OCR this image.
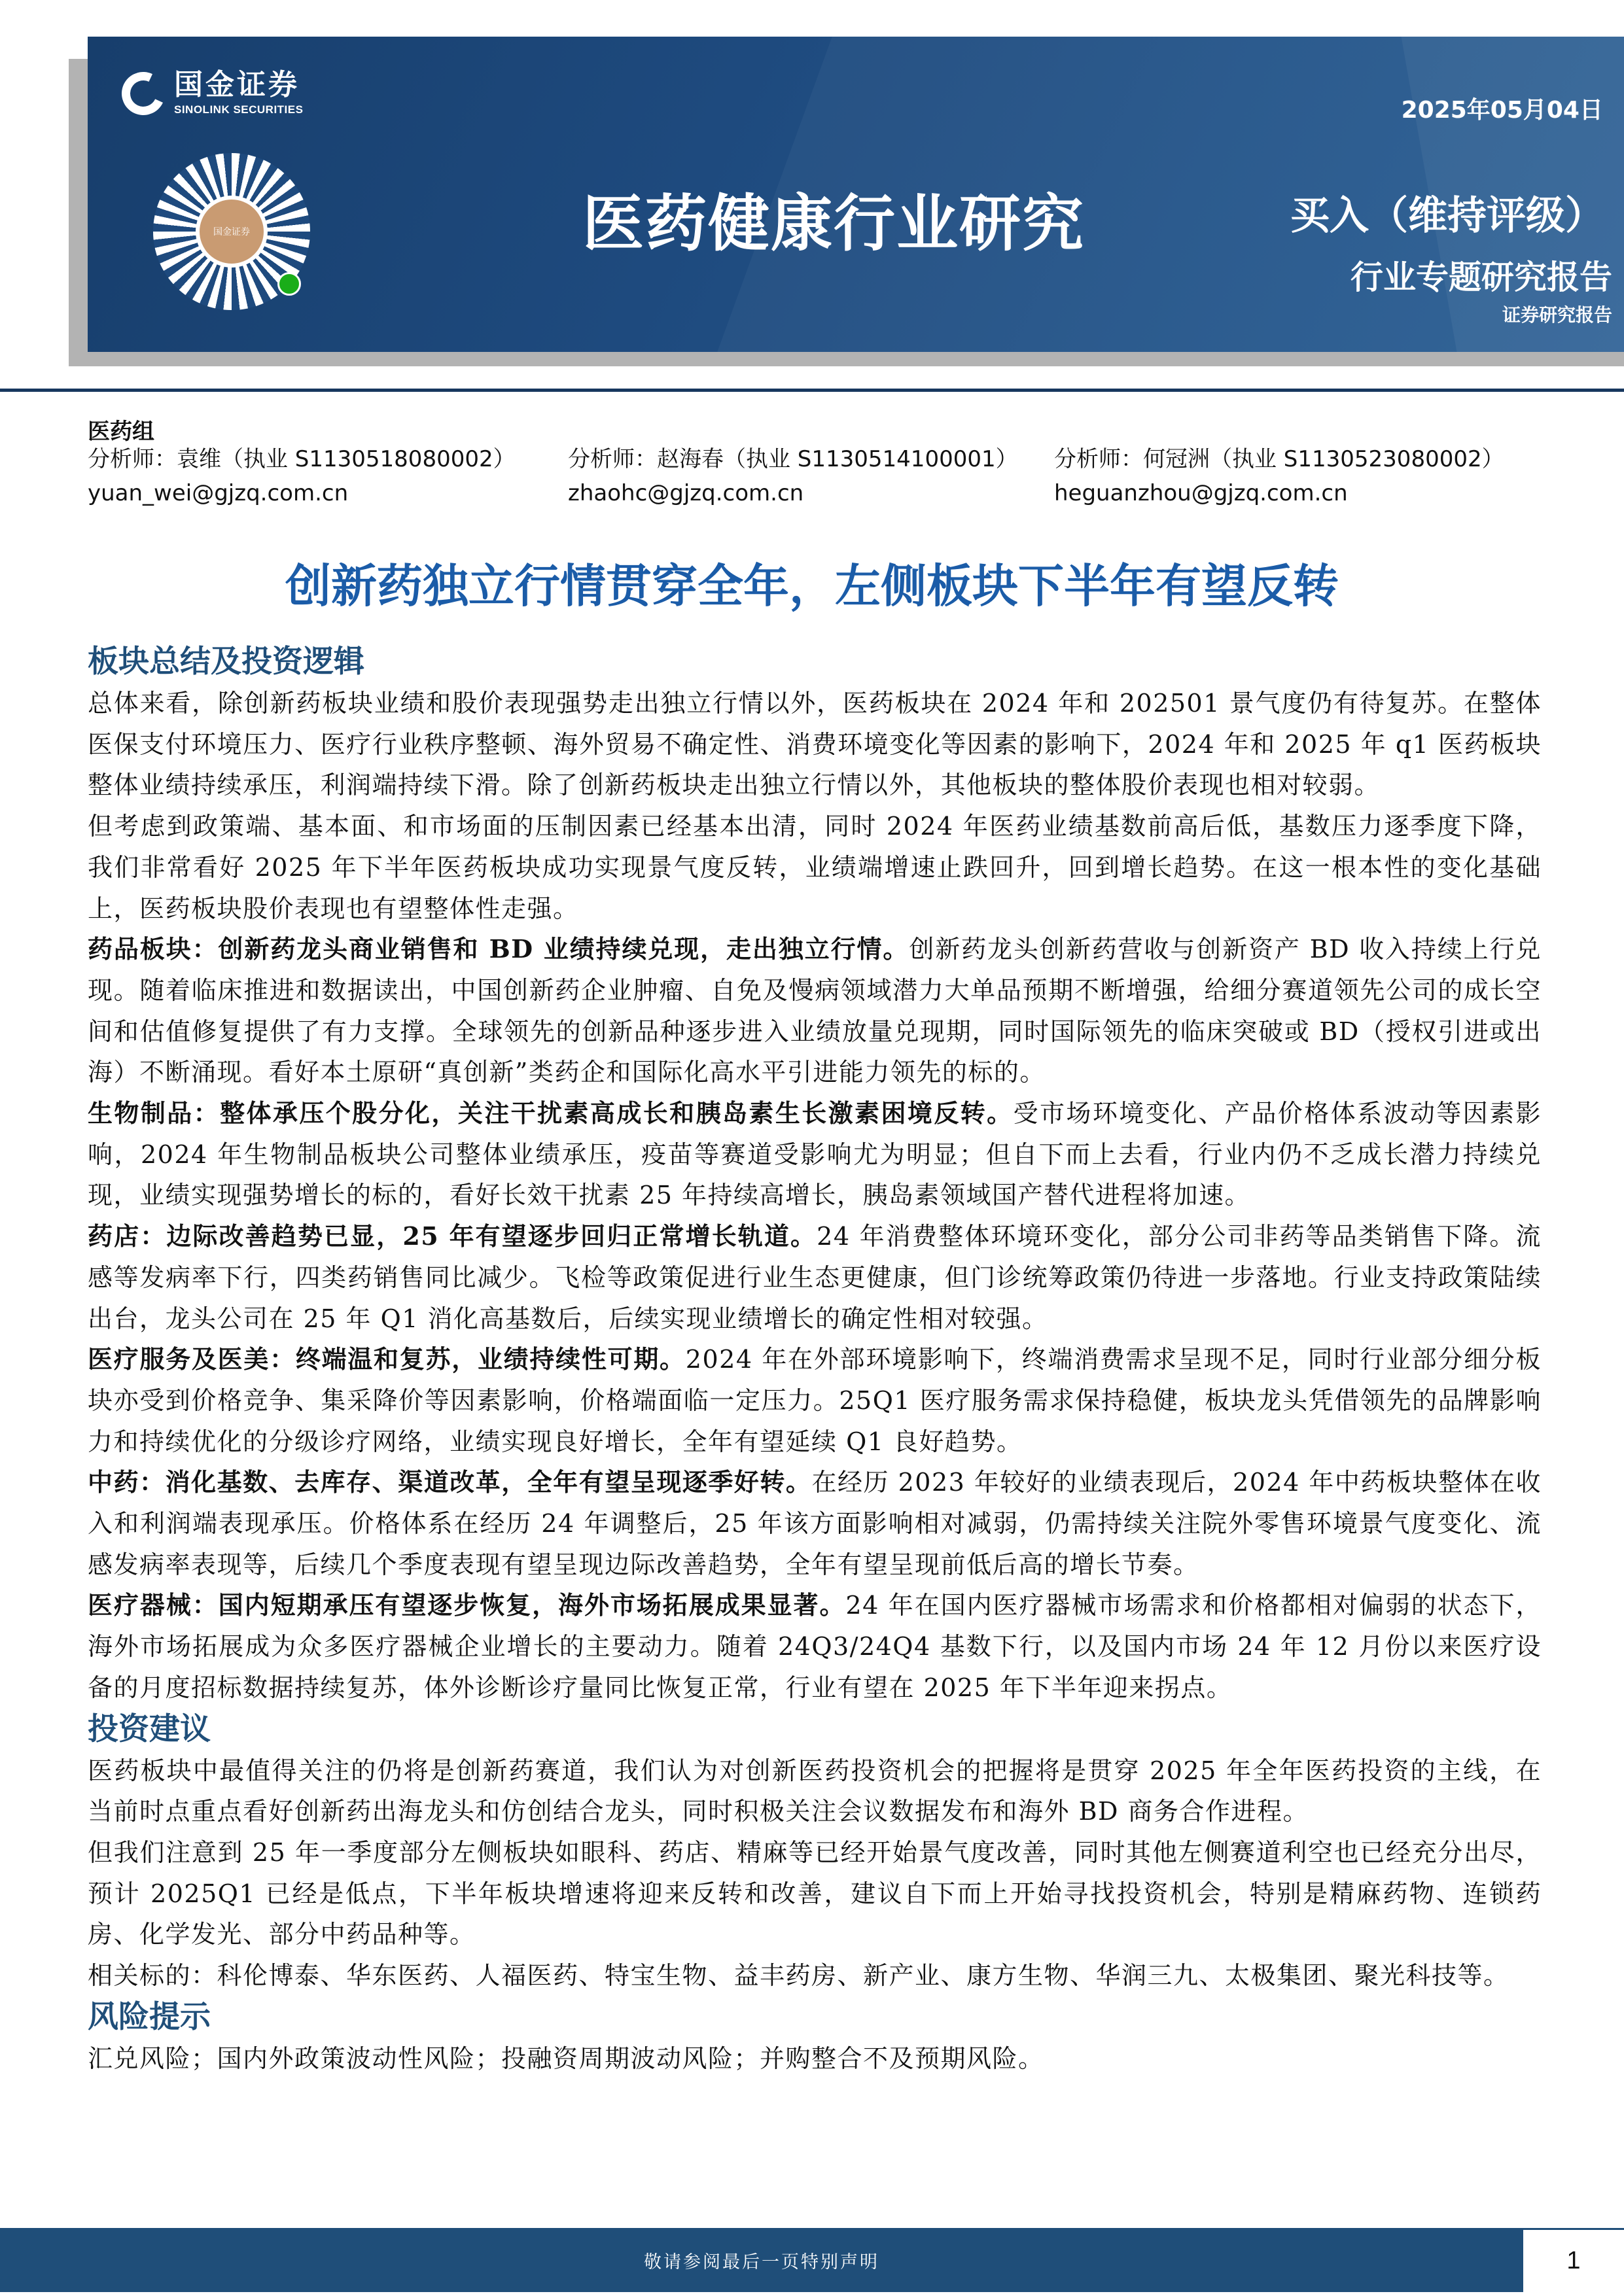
国金证券
SINOLINK SECURITIES
国金证券	医药健康行业研究
2025年05月04日
买入（维持评级）
行业专题研究报告
证券研究报告
医药组
分析师：袁维（执业 S1130518080002）
yuan_wei@gjzq.com.cn
分析师：赵海春（执业 S1130514100001）
zhaohc@gjzq.com.cn
分析师：何冠洲（执业 S1130523080002）
heguanzhou@gjzq.com.cn
创新药独立行情贯穿全年，左侧板块下半年有望反转
板块总结及投资逻辑

总体来看，除创新药板块业绩和股价表现强势走出独立行情以外，医药板块在 2024 年和 202501 景气度仍有待复苏。在整体医保支付环境压力、医疗行业秩序整顿、海外贸易不确定性、消费环境变化等因素的影响下，2024 年和 2025 年 q1 医药板块整体业绩持续承压，利润端持续下滑。除了创新药板块走出独立行情以外，其他板块的整体股价表现也相对较弱。

但考虑到政策端、基本面、和市场面的压制因素已经基本出清，同时 2024 年医药业绩基数前高后低，基数压力逐季度下降，我们非常看好 2025 年下半年医药板块成功实现景气度反转，业绩端增速止跌回升，回到增长趋势。在这一根本性的变化基础上，医药板块股价表现也有望整体性走强。

药品板块：创新药龙头商业销售和 BD 业绩持续兑现，走出独立行情。创新药龙头创新药营收与创新资产 BD 收入持续上行兑现。随着临床推进和数据读出，中国创新药企业肿瘤、自免及慢病领域潜力大单品预期不断增强，给细分赛道领先公司的成长空间和估值修复提供了有力支撑。全球领先的创新品种逐步进入业绩放量兑现期，同时国际领先的临床突破或 BD（授权引进或出海）不断涌现。看好本土原研“真创新”类药企和国际化高水平引进能力领先的标的。

生物制品：整体承压个股分化，关注干扰素高成长和胰岛素生长激素困境反转。受市场环境变化、产品价格体系波动等因素影响，2024 年生物制品板块公司整体业绩承压，疫苗等赛道受影响尤为明显；但自下而上去看，行业内仍不乏成长潜力持续兑现，业绩实现强势增长的标的，看好长效干扰素 25 年持续高增长，胰岛素领域国产替代进程将加速。

药店：边际改善趋势已显，25 年有望逐步回归正常增长轨道。24 年消费整体环境环变化，部分公司非药等品类销售下降。流感等发病率下行，四类药销售同比减少。飞检等政策促进行业生态更健康，但门诊统筹政策仍待进一步落地。行业支持政策陆续出台，龙头公司在 25 年 Q1 消化高基数后，后续实现业绩增长的确定性相对较强。

医疗服务及医美：终端温和复苏，业绩持续性可期。2024 年在外部环境影响下，终端消费需求呈现不足，同时行业部分细分板块亦受到价格竞争、集采降价等因素影响，价格端面临一定压力。25Q1 医疗服务需求保持稳健，板块龙头凭借领先的品牌影响力和持续优化的分级诊疗网络，业绩实现良好增长，全年有望延续 Q1 良好趋势。

中药：消化基数、去库存、渠道改革，全年有望呈现逐季好转。在经历 2023 年较好的业绩表现后，2024 年中药板块整体在收入和利润端表现承压。价格体系在经历 24 年调整后，25 年该方面影响相对减弱，仍需持续关注院外零售环境景气度变化、流感发病率表现等，后续几个季度表现有望呈现边际改善趋势，全年有望呈现前低后高的增长节奏。

医疗器械：国内短期承压有望逐步恢复，海外市场拓展成果显著。24 年在国内医疗器械市场需求和价格都相对偏弱的状态下，海外市场拓展成为众多医疗器械企业增长的主要动力。随着 24Q3/24Q4 基数下行，以及国内市场 24 年 12 月份以来医疗设备的月度招标数据持续复苏，体外诊断诊疗量同比恢复正常，行业有望在 2025 年下半年迎来拐点。

投资建议

医药板块中最值得关注的仍将是创新药赛道，我们认为对创新医药投资机会的把握将是贯穿 2025 年全年医药投资的主线，在当前时点重点看好创新药出海龙头和仿创结合龙头，同时积极关注会议数据发布和海外 BD 商务合作进程。

但我们注意到 25 年一季度部分左侧板块如眼科、药店、精麻等已经开始景气度改善，同时其他左侧赛道利空也已经充分出尽，预计 2025Q1 已经是低点，下半年板块增速将迎来反转和改善，建议自下而上开始寻找投资机会，特别是精麻药物、连锁药房、化学发光、部分中药品种等。

相关标的：科伦博泰、华东医药、人福医药、特宝生物、益丰药房、新产业、康方生物、华润三九、太极集团、聚光科技等。

风险提示

汇兑风险；国内外政策波动性风险；投融资周期波动风险；并购整合不及预期风险。

敬请参阅最后一页特别声明	1
